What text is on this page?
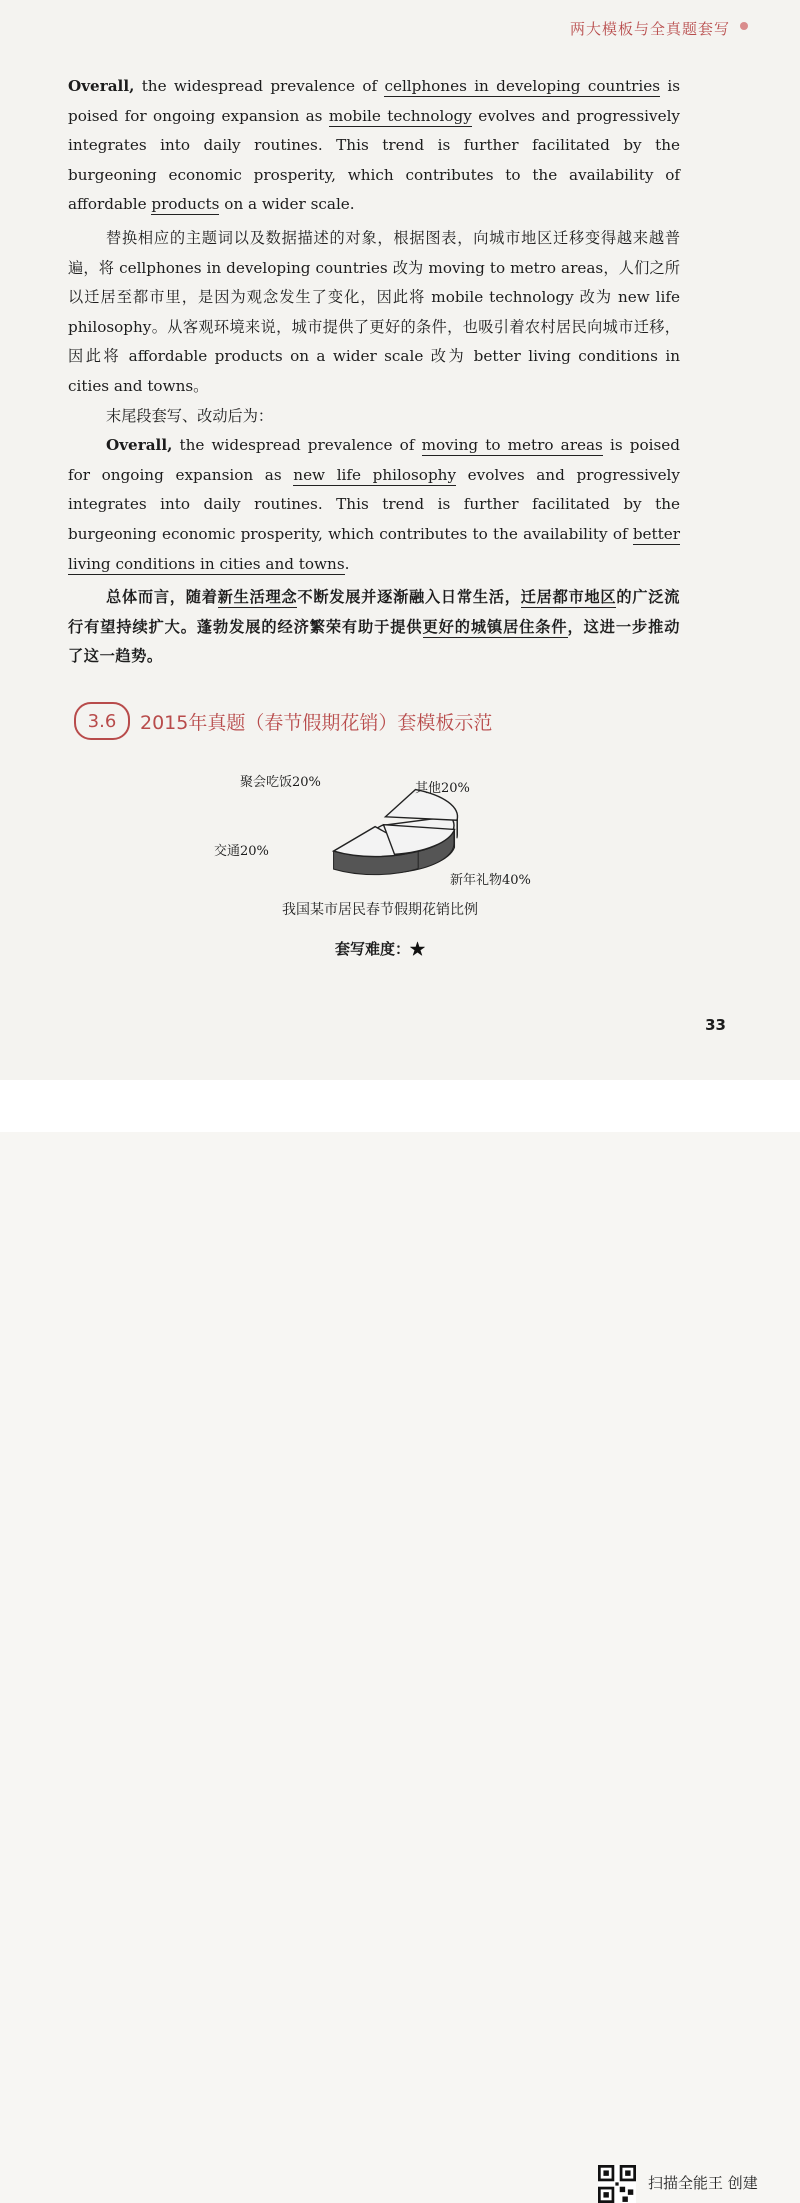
两大模板与全真题套写

Overall, the widespread prevalence of cellphones in developing countries is poised for ongoing expansion as mobile technology evolves and progressively integrates into daily routines. This trend is further facilitated by the burgeoning economic prosperity, which contributes to the availability of affordable products on a wider scale.

替换相应的主题词以及数据描述的对象，根据图表，向城市地区迁移变得越来越普遍，将 cellphones in developing countries 改为 moving to metro areas，人们之所以迁居至都市里，是因为观念发生了变化，因此将 mobile technology 改为 new life philosophy。从客观环境来说，城市提供了更好的条件，也吸引着农村居民向城市迁移，因此将 affordable products on a wider scale 改为 better living conditions in cities and towns。

末尾段套写、改动后为：

Overall, the widespread prevalence of moving to metro areas is poised for ongoing expansion as new life philosophy evolves and progressively integrates into daily routines. This trend is further facilitated by the burgeoning economic prosperity, which contributes to the availability of better living conditions in cities and towns.

总体而言，随着新生活理念不断发展并逐渐融入日常生活，迁居都市地区的广泛流行有望持续扩大。蓬勃发展的经济繁荣有助于提供更好的城镇居住条件，这进一步推动了这一趋势。

3.6	2015年真题（春节假期花销）套模板示范
新年礼物40%
聚会吃饭20%
交通20%
其他20%
我国某市居民春节假期花销比例
套写难度：★
33
扫描全能王 创建
